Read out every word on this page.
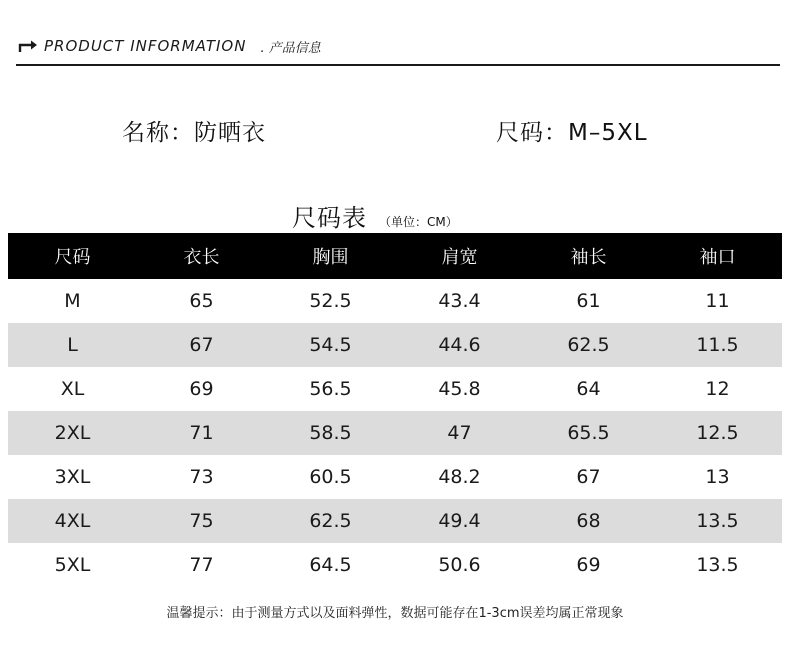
PRODUCT INFORMATION . 产品信息
名称：防晒衣	尺码：M–5XL
尺码表 （单位：CM）
尺码	衣长	胸围	肩宽	袖长	袖口
M	65	52.5	43.4	61	11
L	67	54.5	44.6	62.5	11.5
XL	69	56.5	45.8	64	12
2XL	71	58.5	47	65.5	12.5
3XL	73	60.5	48.2	67	13
4XL	75	62.5	49.4	68	13.5
5XL	77	64.5	50.6	69	13.5
温馨提示：由于测量方式以及面料弹性，数据可能存在1-3cm误差均属正常现象
